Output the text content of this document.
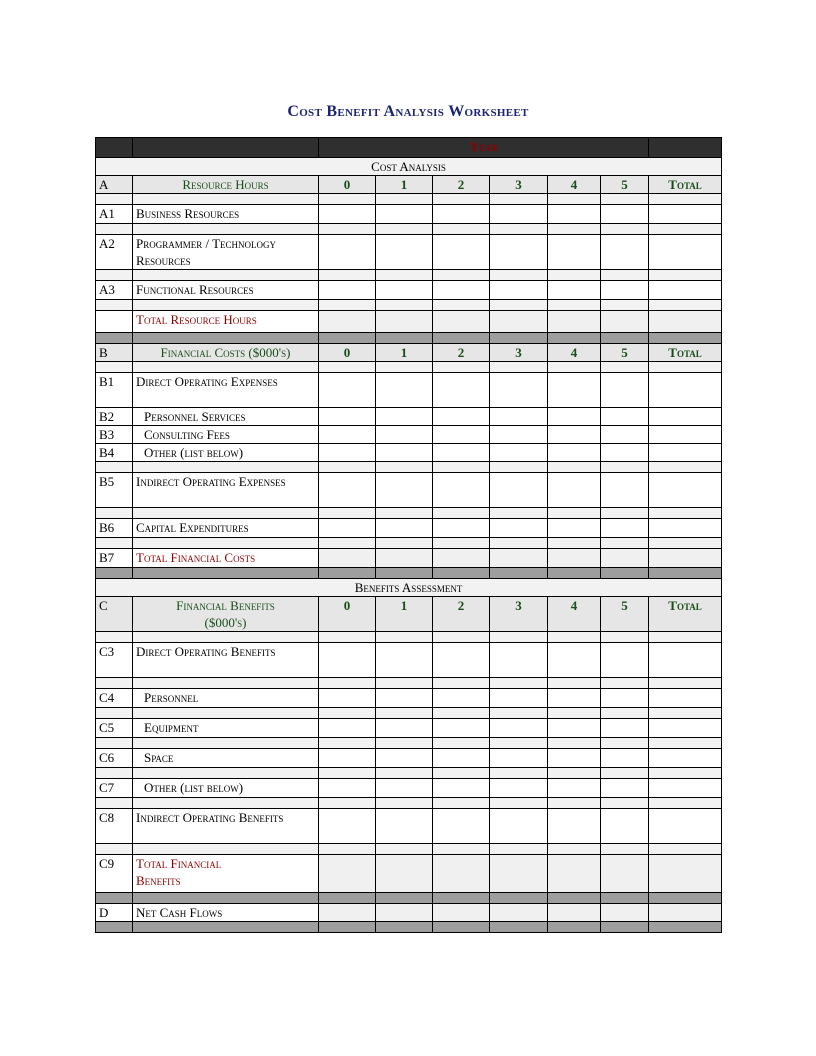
Cost Benefit Analysis Worksheet
		Year						
Cost Analysis								
A	Resource Hours	0	1	2	3	4	5	Total

A1	Business Resources							

A2	Programmer / Technology Resources							

A3	Functional Resources							

	Total Resource Hours							

B	Financial Costs ($000's)	0	1	2	3	4	5	Total

B1	Direct Operating Expenses							
B2	Personnel Services							
B3	Consulting Fees							
B4	Other (list below)							

B5	Indirect Operating Expenses							

B6	Capital Expenditures							

B7	Total Financial Costs							

Benefits Assessment								
C	Financial Benefits ($000's)	0	1	2	3	4	5	Total

C3	Direct Operating Benefits							

C4	Personnel							

C5	Equipment							

C6	Space							

C7	Other (list below)							

C8	Indirect Operating Benefits							

C9	Total Financial Benefits							

D	Net Cash Flows							
